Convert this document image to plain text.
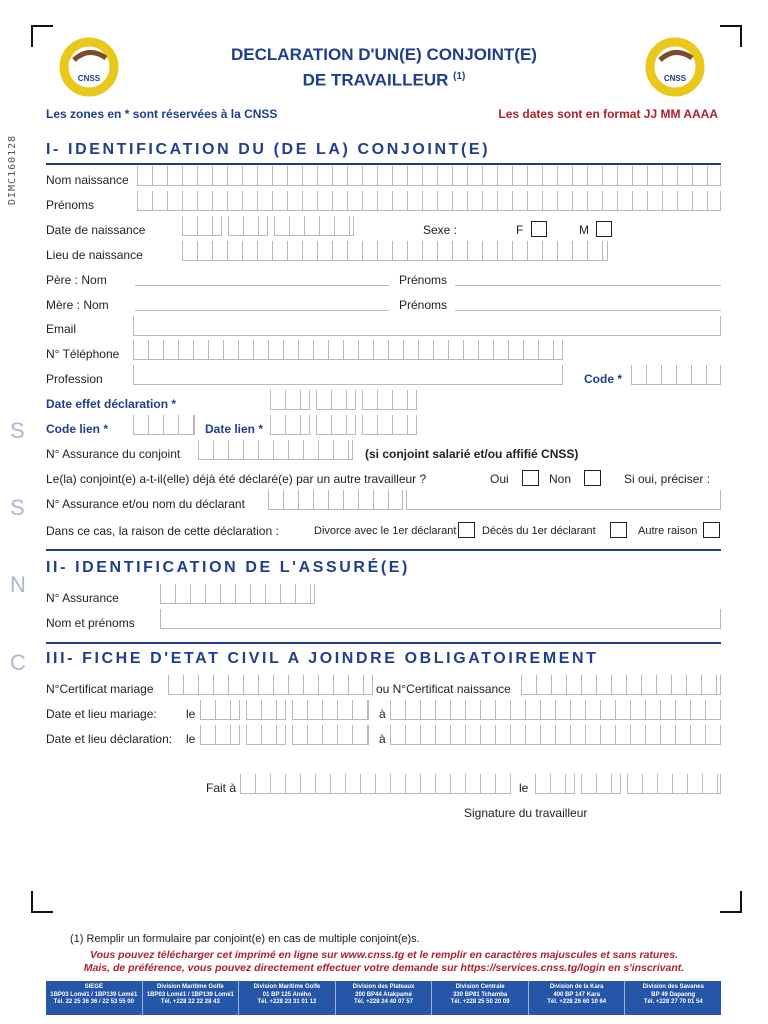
CNSS	CNSS
DECLARATION D'UN(E) CONJOINT(E)
DE TRAVAILLEUR $^{(1)}$
Les zones en * sont réservées à la CNSS	Les dates sont en format JJ MM AAAA
DIMC160128
S
S
N
C
I- IDENTIFICATION DU (DE LA) CONJOINT(E)
Nom naissance
Prénoms
Date de naissance	Sexe :	F	M
Lieu de naissance
Père : Nom	Prénoms
Mère : Nom	Prénoms
Email
N° Téléphone
Profession	Code *
Date effet déclaration *
Code lien *	Date lien *
N° Assurance du conjoint	(si conjoint salarié et/ou affifié CNSS)
Le(la) conjoint(e) a-t-il(elle) déjà été déclaré(e) par un autre travailleur ?	Oui	Non	Si oui, préciser :
N° Assurance et/ou nom du déclarant
Dans ce cas, la raison de cette déclaration :	Divorce avec le 1er déclarant Décès du 1er déclarant	Autre raison
II- IDENTIFICATION DE L'ASSURÉ(E)
N° Assurance
Nom et prénoms
III- FICHE D'ETAT CIVIL A JOINDRE OBLIGATOIREMENT
N°Certificat mariage	ou N°Certificat naissance
Date et lieu mariage: le	à
Date et lieu déclaration: le	à
Fait à	le
Signature du travailleur
(1) Remplir un formulaire par conjoint(e) en cas de multiple conjoint(e)s.
Vous pouvez télécharger cet imprimé en ligne sur www.cnss.tg et le remplir en caractères majuscules et sans ratures.
Mais, de préférence, vous pouvez directement effectuer votre demande sur https://services.cnss.tg/login en s'inscrivant.
SIEGE
1BP03 Lomé1 / 1BP139 Lomé1
Tél. 22 25 36 36 / 22 53 55 00
Division Maritime Golfe
1BP03 Lomé1 / 1BP139 Lomé1
Tél. +228 22 22 28 43
Division Maritime Golfe
01 BP 125 Aného
Tél. +228 23 31 01 12
Division des Plateaux
200 BP44 Atakpamé
Tél. +228 24 40 07 57
Division Centrale
330 BP81 Tchamba
Tél. +228 25 50 20 09
Division de la Kara
400 BP 147 Kara
Tél. +228 26 60 10 64
Division des Savanes
BP 49 Dapaong
Tél. +228 27 70 01 54
